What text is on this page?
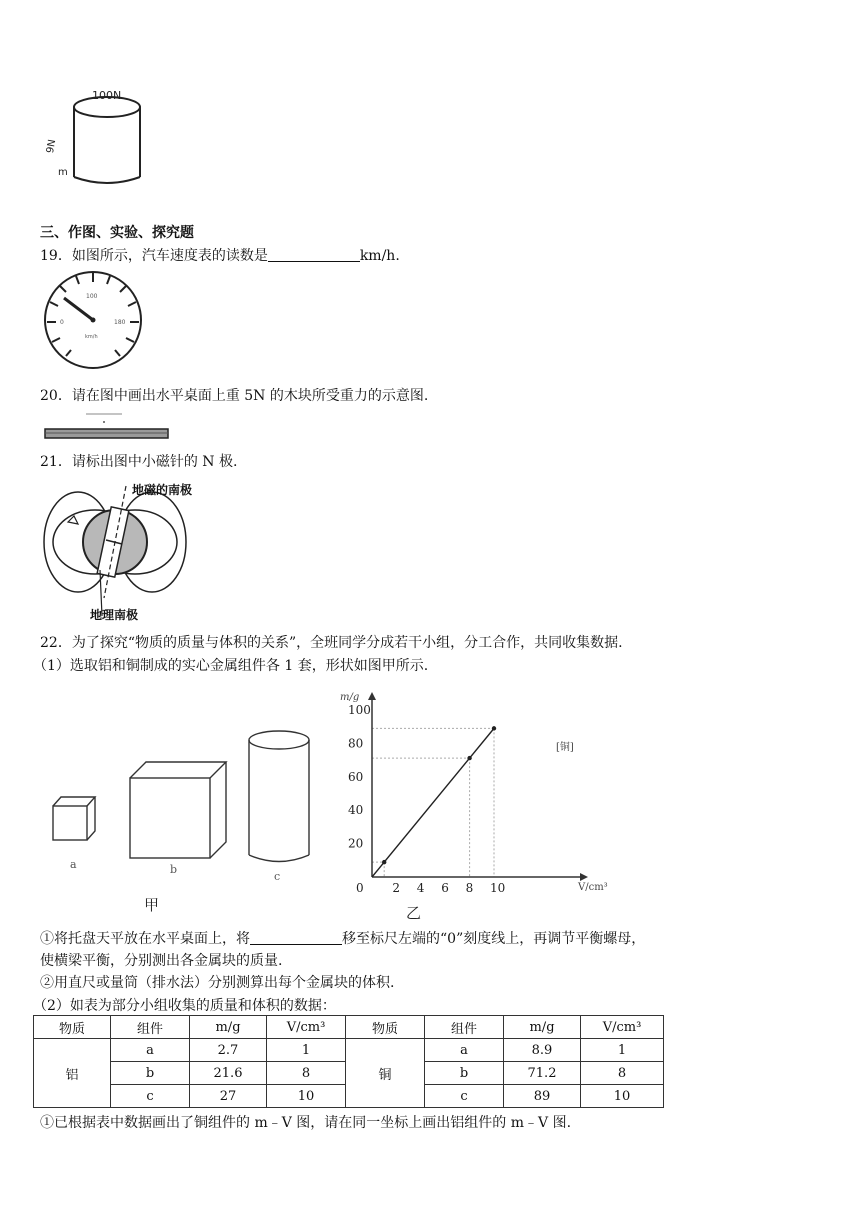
100N
9N
m
三、作图、实验、探究题
19．如图所示，汽车速度表的读数是	km/h.
100
0	180
km/h
20．请在图中画出水平桌面上重 5N 的木块所受重力的示意图.
21．请标出图中小磁针的 N 极.
地磁的南极
地理南极
22．为了探究“物质的质量与体积的关系”，全班同学分成若干小组，分工合作，共同收集数据.
（1）选取铝和铜制成的实心金属组件各 1 套，形状如图甲所示.
a	b
c
甲
20
40
60
80
100
2 4 6 8 10
m/g
V/cm³
0
[铜]
乙
①将托盘天平放在水平桌面上，将	移至标尺左端的“0”刻度线上，再调节平衡螺母，
使横梁平衡，分别测出各金属块的质量.
②用直尺或量筒（排水法）分别测算出每个金属块的体积.
（2）如表为部分小组收集的质量和体积的数据：
物质	组件	m/g	V/cm³	物质	组件	m/g	V/cm³
铝	a	2.7	1	铜	a	8.9	1
	b	21.6	8		b	71.2	8
	c	27	10		c	89	10
①已根据表中数据画出了铜组件的 m﹣V 图，请在同一坐标上画出铝组件的 m﹣V 图.
